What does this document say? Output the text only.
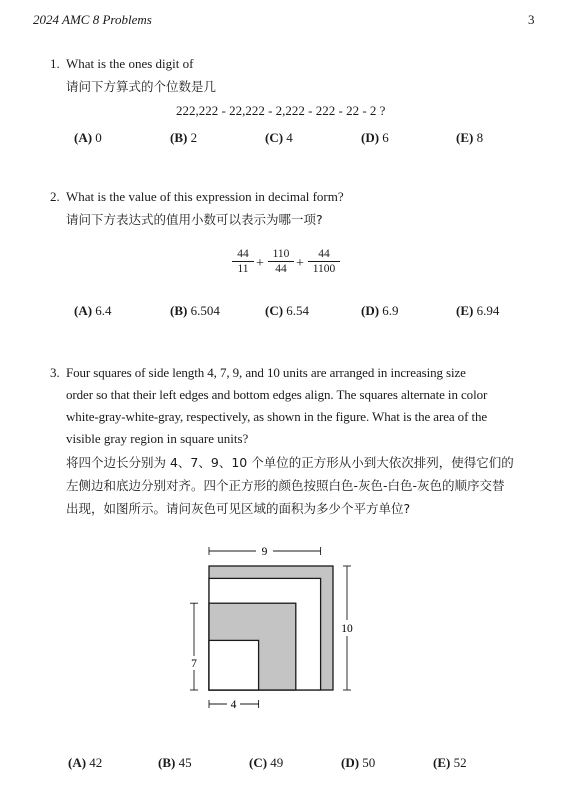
2024 AMC 8 Problems	3
1. What is the ones digit of
请问下方算式的个位数是几
222,222 - 22,222 - 2,222 - 222 - 22 - 2 ?
(A) 0	(B) 2	(C) 4	(D) 6	(E) 8
2. What is the value of this expression in decimal form?
请问下方表达式的值用小数可以表示为哪一项?
44
11 +
110
44 +
44
1100
(A) 6.4	(B) 6.504	(C) 6.54	(D) 6.9	(E) 6.94
3. Four squares of side length 4, 7, 9, and 10 units are arranged in increasing size
order so that their left edges and bottom edges align. The squares alternate in color
white-gray-white-gray, respectively, as shown in the figure. What is the area of the
visible gray region in square units?
将四个边长分别为 4、7、9、10 个单位的正方形从小到大依次排列，使得它们的
左侧边和底边分别对齐。四个正方形的颜色按照白色-灰色-白色-灰色的顺序交替
出现，如图所示。请问灰色可见区域的面积为多少个平方单位?
9
10
7
4
(A) 42	(B) 45	(C) 49	(D) 50	(E) 52
